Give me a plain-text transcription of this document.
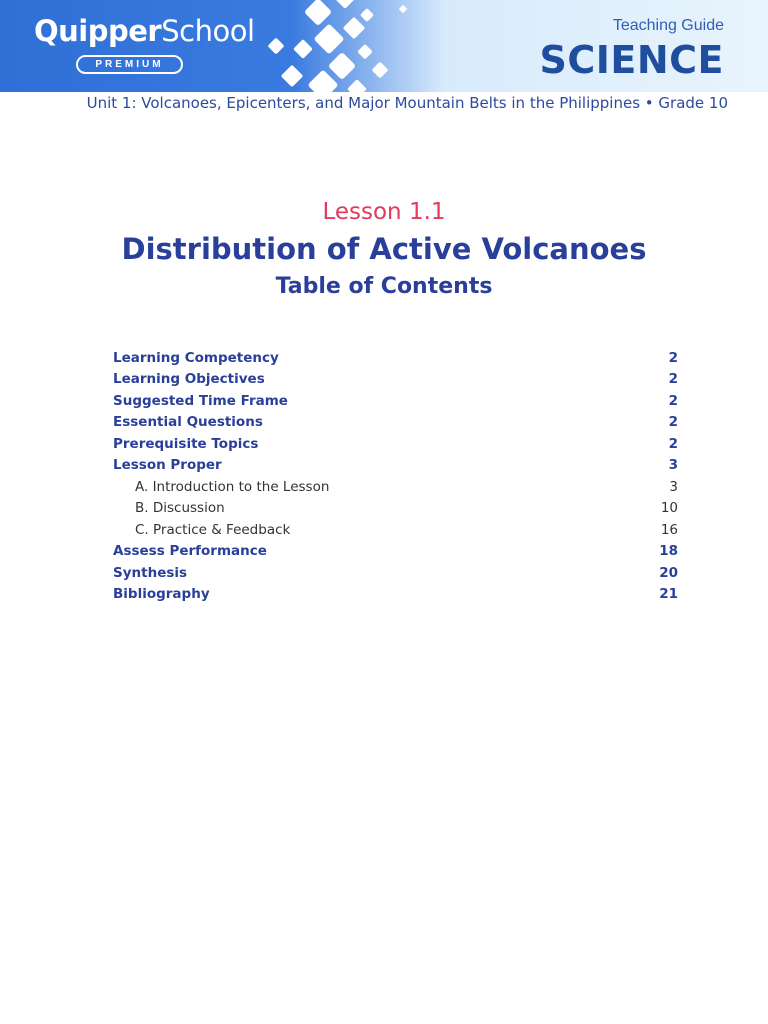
QuipperSchool
PREMIUM
Teaching Guide
SCIENCE
Unit 1: Volcanoes, Epicenters, and Major Mountain Belts in the Philippines • Grade 10
Lesson 1.1
Distribution of Active Volcanoes
Table of Contents
Learning Competency	2
Learning Objectives	2
Suggested Time Frame	2
Essential Questions	2
Prerequisite Topics	2
Lesson Proper	3
A. Introduction to the Lesson	3
B. Discussion	10
C. Practice & Feedback	16
Assess Performance	18
Synthesis	20
Bibliography	21
